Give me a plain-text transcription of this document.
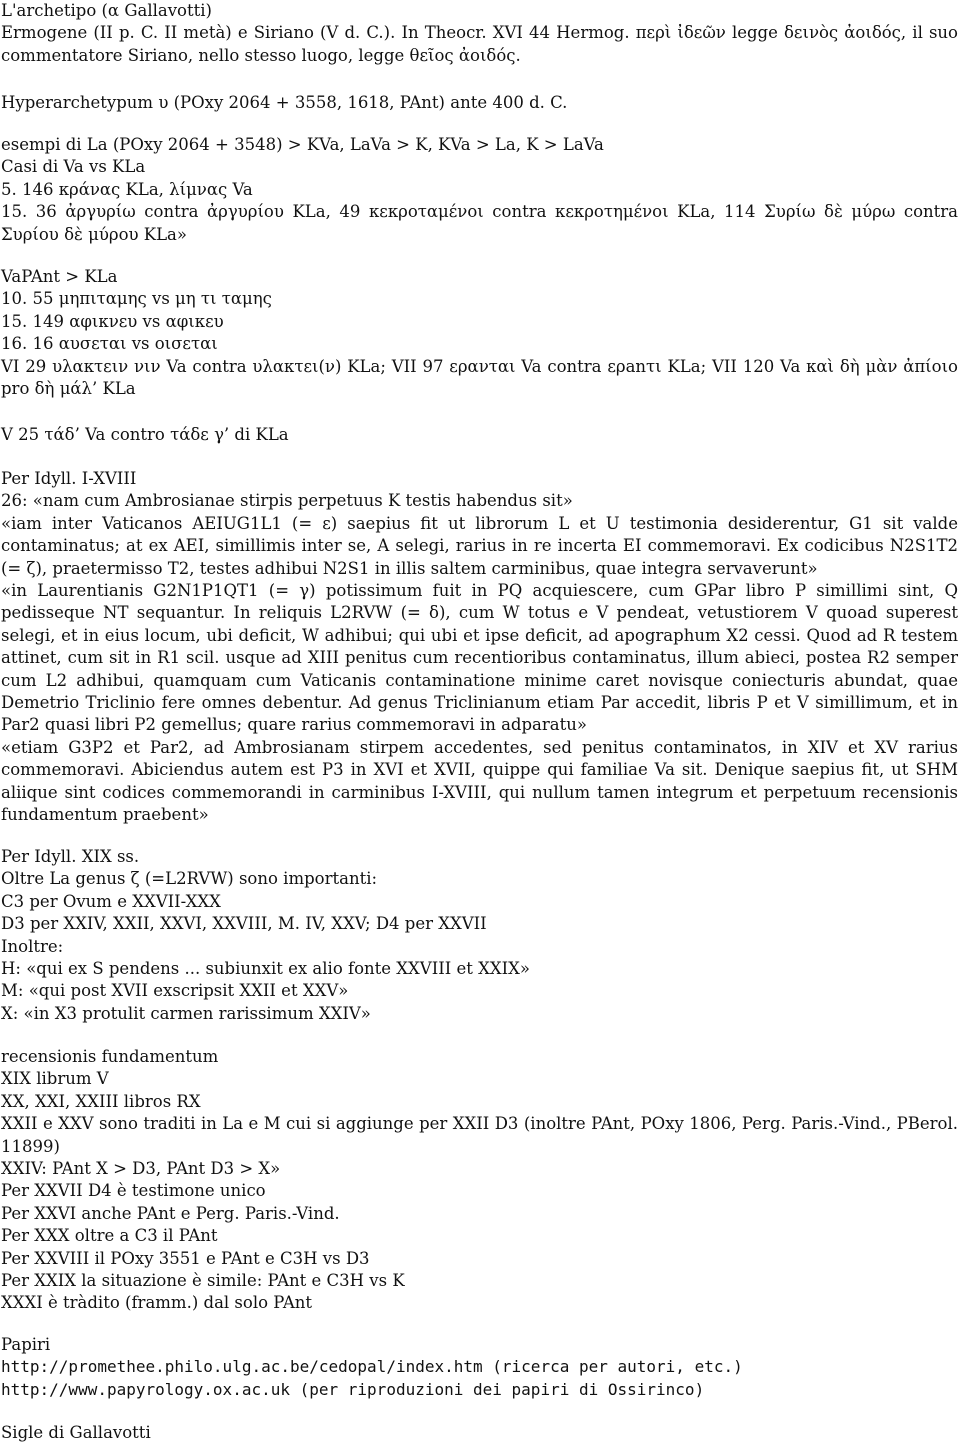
L'archetipo (α Gallavotti)

Ermogene (II p. C. II metà) e Siriano (V d. C.). In Theocr. XVI 44 Hermog. περὶ ἰδεῶν legge δεινὸς ἀοιδός, il suo commentatore Siriano, nello stesso luogo, legge θεῖος ἀοιδός.

Hyperarchetypum υ (POxy 2064 + 3558, 1618, PAnt) ante 400 d. C.

esempi di La (POxy 2064 + 3548) > KVa, LaVa > K, KVa > La, K > LaVa

Casi di Va vs KLa

5. 146 κράνας KLa, λίμνας Va

15. 36 ἀργυρίω contra ἀργυρίου KLa, 49 κεκροταμένοι contra κεκροτημένοι KLa, 114 Συρίω δὲ μύρω contra Συρίου δὲ μύρου KLa»

VaPAnt > KLa

10. 55 μηπιταμης vs μη τι ταμης

15. 149 αφικνευ vs αφικευ

16. 16 αυσεται vs οισεται

VI 29 υλακτειν νιν Va contra υλακτει(ν) KLa; VII 97 ερανται Va contra ερanτι KLa; VII 120 Va καὶ δὴ μὰν ἀπίοιο pro δὴ μάλ’ KLa

V 25 τάδ’ Va contro τάδε γ’ di KLa

Per Idyll. I-XVIII

26: «nam cum Ambrosianae stirpis perpetuus K testis habendus sit»

«iam inter Vaticanos AEIUG1L1 (= ε) saepius fit ut librorum L et U testimonia desiderentur, G1 sit valde contaminatus; at ex AEI, simillimis inter se, A selegi, rarius in re incerta EI commemoravi. Ex codicibus N2S1T2 (= ζ), praetermisso T2, testes adhibui N2S1 in illis saltem carminibus, quae integra servaverunt»

«in Laurentianis G2N1P1QT1 (= γ) potissimum fuit in PQ acquiescere, cum GPar libro P simillimi sint, Q pedisseque NT sequantur. In reliquis L2RVW (= δ), cum W totus e V pendeat, vetustiorem V quoad superest selegi, et in eius locum, ubi deficit, W adhibui; qui ubi et ipse deficit, ad apographum X2 cessi. Quod ad R testem attinet, cum sit in R1 scil. usque ad XIII penitus cum recentioribus contaminatus, illum abieci, postea R2 semper cum L2 adhibui, quamquam cum Vaticanis contaminatione minime caret novisque coniecturis abundat, quae Demetrio Triclinio fere omnes debentur. Ad genus Triclinianum etiam Par accedit, libris P et V simillimum, et in Par2 quasi libri P2 gemellus; quare rarius commemoravi in adparatu»

«etiam G3P2 et Par2, ad Ambrosianam stirpem accedentes, sed penitus contaminatos, in XIV et XV rarius commemoravi. Abiciendus autem est P3 in XVI et XVII, quippe qui familiae Va sit. Denique saepius fit, ut SHM aliique sint codices commemorandi in carminibus I-XVIII, qui nullum tamen integrum et perpetuum recensionis fundamentum praebent»

Per Idyll. XIX ss.

Oltre La genus ζ (=L2RVW) sono importanti:

C3 per Ovum e XXVII-XXX

D3 per XXIV, XXII, XXVI, XXVIII, M. IV, XXV; D4 per XXVII

Inoltre:

H: «qui ex S pendens ... subiunxit ex alio fonte XXVIII et XXIX»

M: «qui post XVII exscripsit XXII et XXV»

X: «in X3 protulit carmen rarissimum XXIV»

recensionis fundamentum

XIX librum V

XX, XXI, XXIII libros RX

XXII e XXV sono traditi in La e M cui si aggiunge per XXII D3 (inoltre PAnt, POxy 1806, Perg. Paris.-Vind., PBerol. 11899)

XXIV: PAnt X > D3, PAnt D3 > X»

Per XXVII D4 è testimone unico

Per XXVI anche PAnt e Perg. Paris.-Vind.

Per XXX oltre a C3 il PAnt

Per XXVIII il POxy 3551 e PAnt e C3H vs D3

Per XXIX la situazione è simile: PAnt e C3H vs K

XXXI è tràdito (framm.) dal solo PAnt

Papiri

http://promethee.philo.ulg.ac.be/cedopal/index.htm (ricerca per autori, etc.)

http://www.papyrology.ox.ac.uk (per riproduzioni dei papiri di Ossirinco)

Sigle di Gallavotti
